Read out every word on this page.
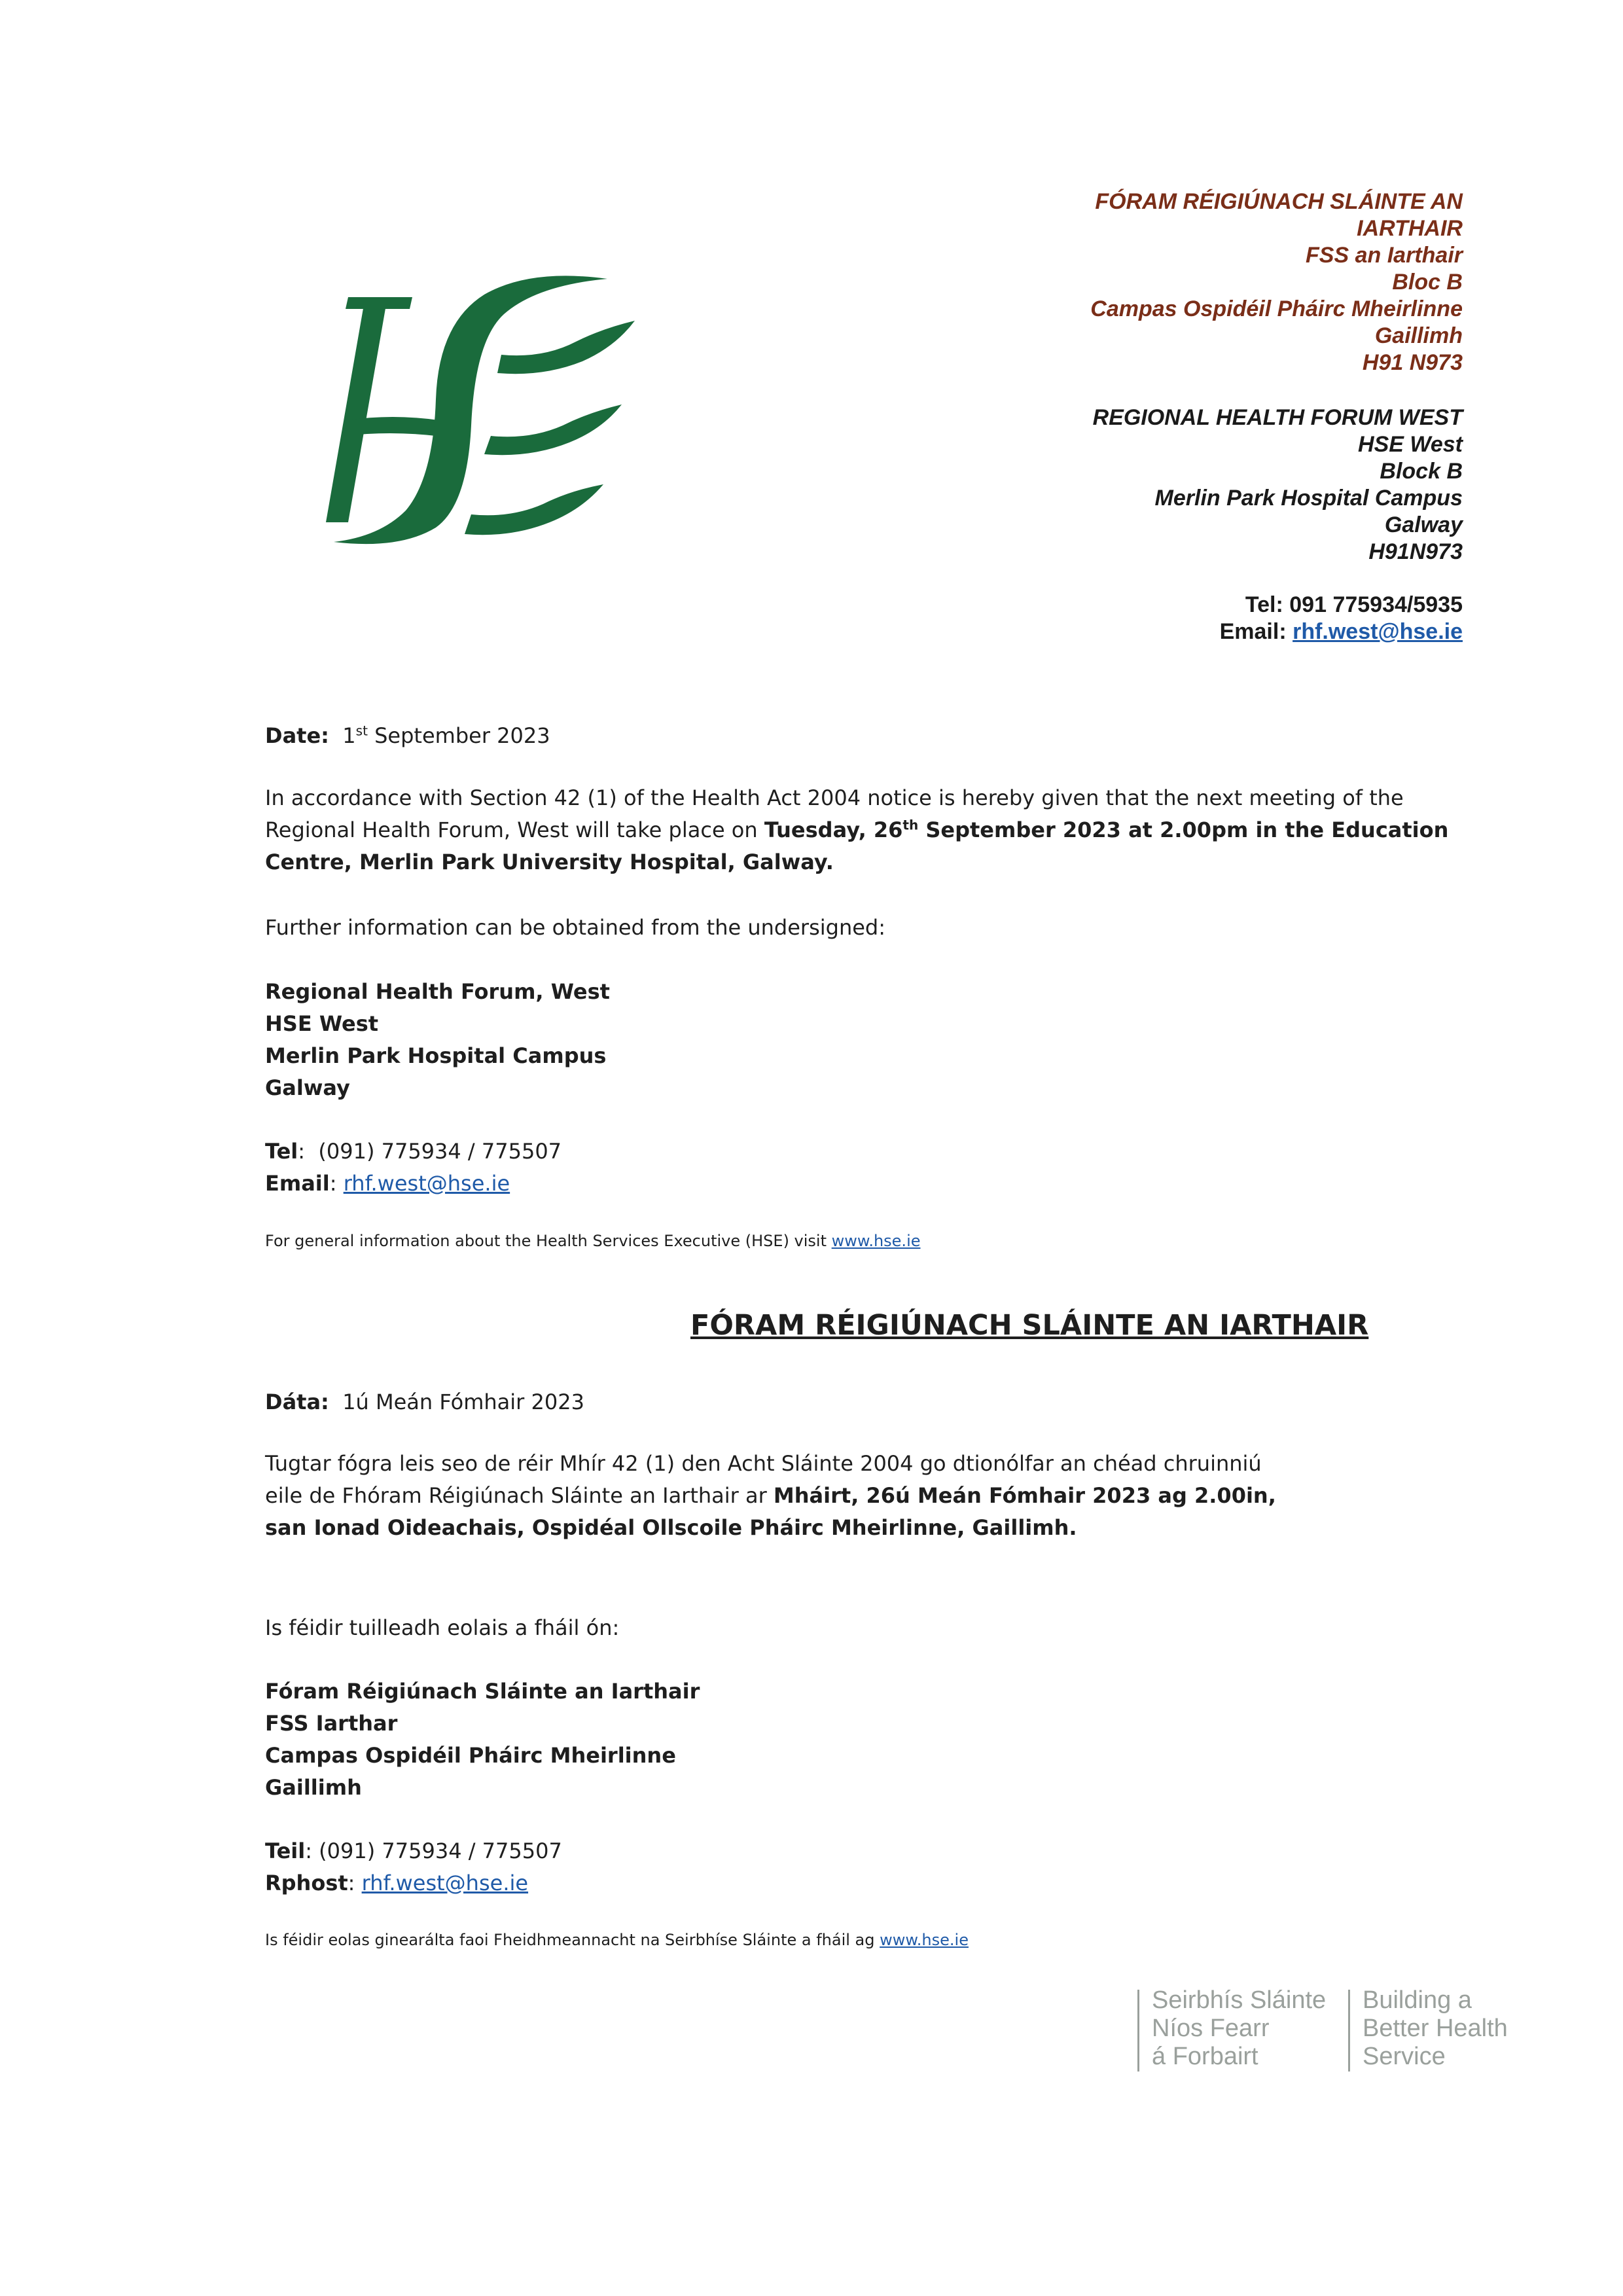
FÓRAM RÉIGIÚNACH SLÁINTE AN
IARTHAIR
FSS an Iarthair
Bloc B
Campas Ospidéil Pháirc Mheirlinne
Gaillimh
H91 N973
REGIONAL HEALTH FORUM WEST
HSE West
Block B
Merlin Park Hospital Campus
Galway
H91N973
Tel: 091 775934/5935
Email: rhf.west@hse.ie
Date: 1st September 2023
In accordance with Section 42 (1) of the Health Act 2004 notice is hereby given that the next meeting of the Regional Health Forum, West will take place on Tuesday, 26th September 2023 at 2.00pm in the Education Centre, Merlin Park University Hospital, Galway.
Further information can be obtained from the undersigned:
Regional Health Forum, West
HSE West
Merlin Park Hospital Campus
Galway
Tel:  (091) 775934 / 775507
Email: rhf.west@hse.ie
For general information about the Health Services Executive (HSE) visit www.hse.ie
FÓRAM RÉIGIÚNACH SLÁINTE AN IARTHAIR
Dáta: 1ú Meán Fómhair 2023
Tugtar fógra leis seo de réir Mhír 42 (1) den Acht Sláinte 2004 go dtionólfar an chéad chruinniú eile de Fhóram Réigiúnach Sláinte an Iarthair ar Mháirt, 26ú Meán Fómhair 2023 ag 2.00in, san Ionad Oideachais, Ospidéal Ollscoile Pháirc Mheirlinne, Gaillimh.
Is féidir tuilleadh eolais a fháil ón:
Fóram Réigiúnach Sláinte an Iarthair
FSS Iarthar
Campas Ospidéil Pháirc Mheirlinne
Gaillimh
Teil: (091) 775934 / 775507
Rphost: rhf.west@hse.ie
Is féidir eolas ginearálta faoi Fheidhmeannacht na Seirbhíse Sláinte a fháil ag www.hse.ie
Seirbhís Sláinte
Níos Fearr
á Forbairt
Building a
Better Health
Service
